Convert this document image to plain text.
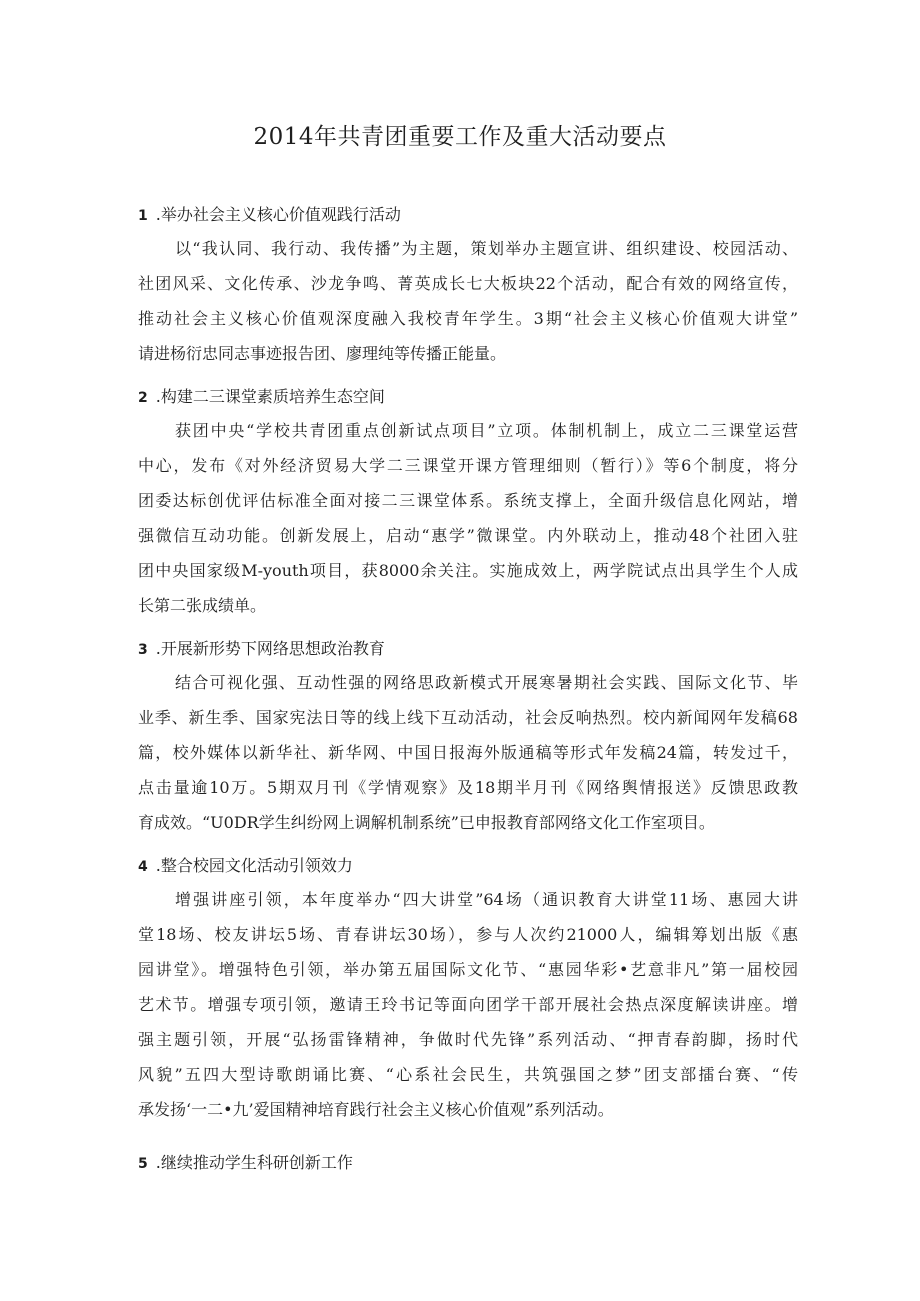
2014年共青团重要工作及重大活动要点
1 .举办社会主义核心价值观践行活动
以“我认同、我行动、我传播”为主题，策划举办主题宣讲、组织建设、校园活动、
社团风采、文化传承、沙龙争鸣、菁英成长七大板块22个活动，配合有效的网络宣传，
推动社会主义核心价值观深度融入我校青年学生。3期“社会主义核心价值观大讲堂”
请进杨衍忠同志事迹报告团、廖理纯等传播正能量。
2 .构建二三课堂素质培养生态空间
获团中央“学校共青团重点创新试点项目”立项。体制机制上，成立二三课堂运营
中心，发布《对外经济贸易大学二三课堂开课方管理细则（暂行）》等6个制度，将分
团委达标创优评估标准全面对接二三课堂体系。系统支撑上，全面升级信息化网站，增
强微信互动功能。创新发展上，启动“惠学”微课堂。内外联动上，推动48个社团入驻
团中央国家级M-youth项目，获8000余关注。实施成效上，两学院试点出具学生个人成
长第二张成绩单。
3 .开展新形势下网络思想政治教育
结合可视化强、互动性强的网络思政新模式开展寒暑期社会实践、国际文化节、毕
业季、新生季、国家宪法日等的线上线下互动活动，社会反响热烈。校内新闻网年发稿68
篇，校外媒体以新华社、新华网、中国日报海外版通稿等形式年发稿24篇，转发过千，
点击量逾10万。5期双月刊《学情观察》及18期半月刊《网络舆情报送》反馈思政教
育成效。“U0DR学生纠纷网上调解机制系统”已申报教育部网络文化工作室项目。
4 .整合校园文化活动引领效力
增强讲座引领，本年度举办“四大讲堂”64场（通识教育大讲堂11场、惠园大讲
堂18场、校友讲坛5场、青春讲坛30场），参与人次约21000人，编辑筹划出版《惠
园讲堂》。增强特色引领，举办第五届国际文化节、“惠园华彩•艺意非凡”第一届校园
艺术节。增强专项引领，邀请王玲书记等面向团学干部开展社会热点深度解读讲座。增
强主题引领，开展“弘扬雷锋精神，争做时代先锋”系列活动、“押青春韵脚，扬时代
风貌”五四大型诗歌朗诵比赛、“心系社会民生，共筑强国之梦”团支部擂台赛、“传
承发扬‘一二•九’爱国精神培育践行社会主义核心价值观”系列活动。
5 .继续推动学生科研创新工作
